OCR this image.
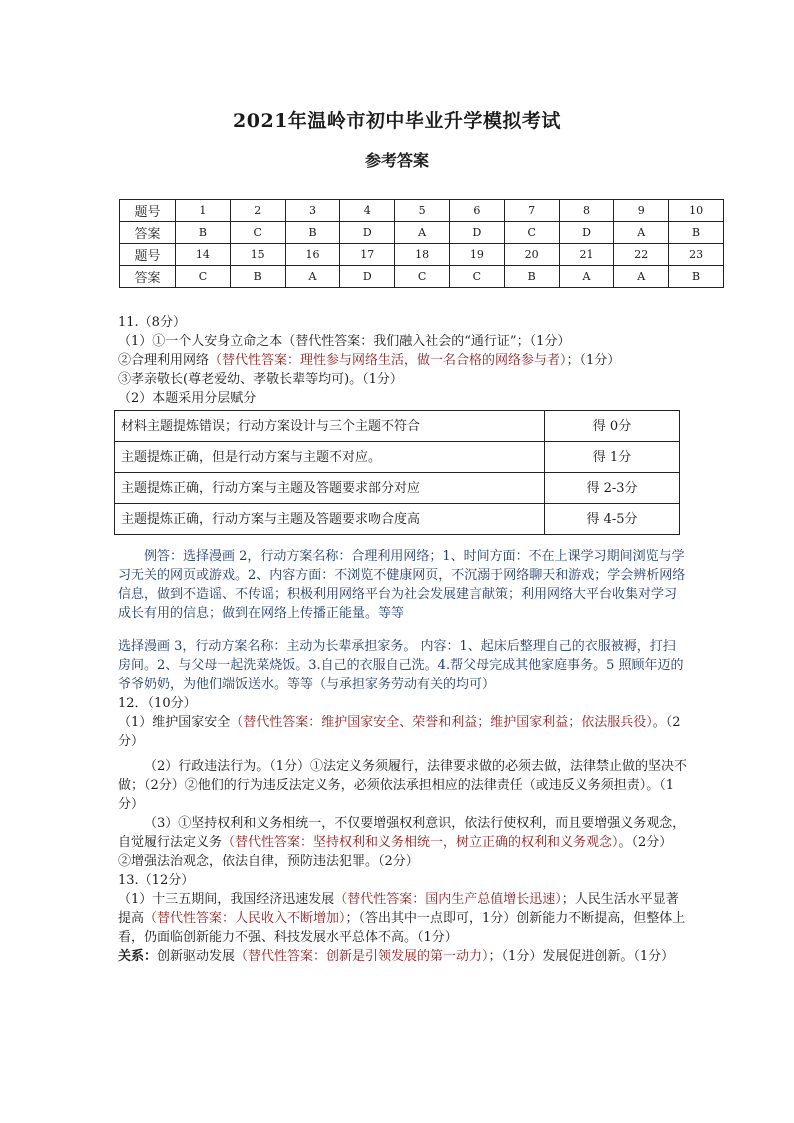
2021年温岭市初中毕业升学模拟考试
参考答案
题号	1	2	3	4	5	6	7	8	9	10
答案	B	C	B	D	A	D	C	D	A	B
题号	14	15	16	17	18	19	20	21	22	23
答案	C	B	A	D	C	C	B	A	A	B

11.（8分）

（1）①一个人安身立命之本（替代性答案：我们融入社会的“通行证”；（1分）

②合理利用网络（替代性答案：理性参与网络生活，做一名合格的网络参与者）；（1分）

③孝亲敬长(尊老爱幼、孝敬长辈等均可)。（1分）

（2）本题采用分层赋分

材料主题提炼错误；行动方案设计与三个主题不符合	得 0分
主题提炼正确，但是行动方案与主题不对应。	得 1分
主题提炼正确，行动方案与主题及答题要求部分对应	得 2-3分
主题提炼正确，行动方案与主题及答题要求吻合度高	得 4-5分

例答：选择漫画 2，行动方案名称：合理利用网络；1、时间方面：不在上课学习期间浏览与学习无关的网页或游戏。2、内容方面：不浏览不健康网页，不沉溺于网络聊天和游戏；学会辨析网络信息，做到不造谣、不传谣；积极利用网络平台为社会发展建言献策；利用网络大平台收集对学习成长有用的信息；做到在网络上传播正能量。等等

选择漫画 3，行动方案名称：主动为长辈承担家务。 内容：1、起床后整理自己的衣服被褥，打扫房间。2、与父母一起洗菜烧饭。3.自己的衣服自己洗。4.帮父母完成其他家庭事务。5 照顾年迈的爷爷奶奶，为他们端饭送水。等等（与承担家务劳动有关的均可）

12．（10分）

（1）维护国家安全（替代性答案：维护国家安全、荣誉和利益；维护国家利益；依法服兵役）。（2分）

（2）行政违法行为。（1分）①法定义务须履行，法律要求做的必须去做，法律禁止做的坚决不做；（2分）②他们的行为违反法定义务，必须依法承担相应的法律责任（或违反义务须担责）。（1分）

（3）①坚持权利和义务相统一，不仅要增强权利意识，依法行使权利，而且要增强义务观念，自觉履行法定义务（替代性答案：坚持权利和义务相统一，树立正确的权利和义务观念）。（2分）

②增强法治观念，依法自律，预防违法犯罪。（2分）

13.（12分）

（1）十三五期间，我国经济迅速发展（替代性答案：国内生产总值增长迅速）；人民生活水平显著提高（替代性答案：人民收入不断增加）；（答出其中一点即可，1分）创新能力不断提高，但整体上看，仍面临创新能力不强、科技发展水平总体不高。（1分）

关系：创新驱动发展（替代性答案：创新是引领发展的第一动力）；（1分）发展促进创新。（1分）
